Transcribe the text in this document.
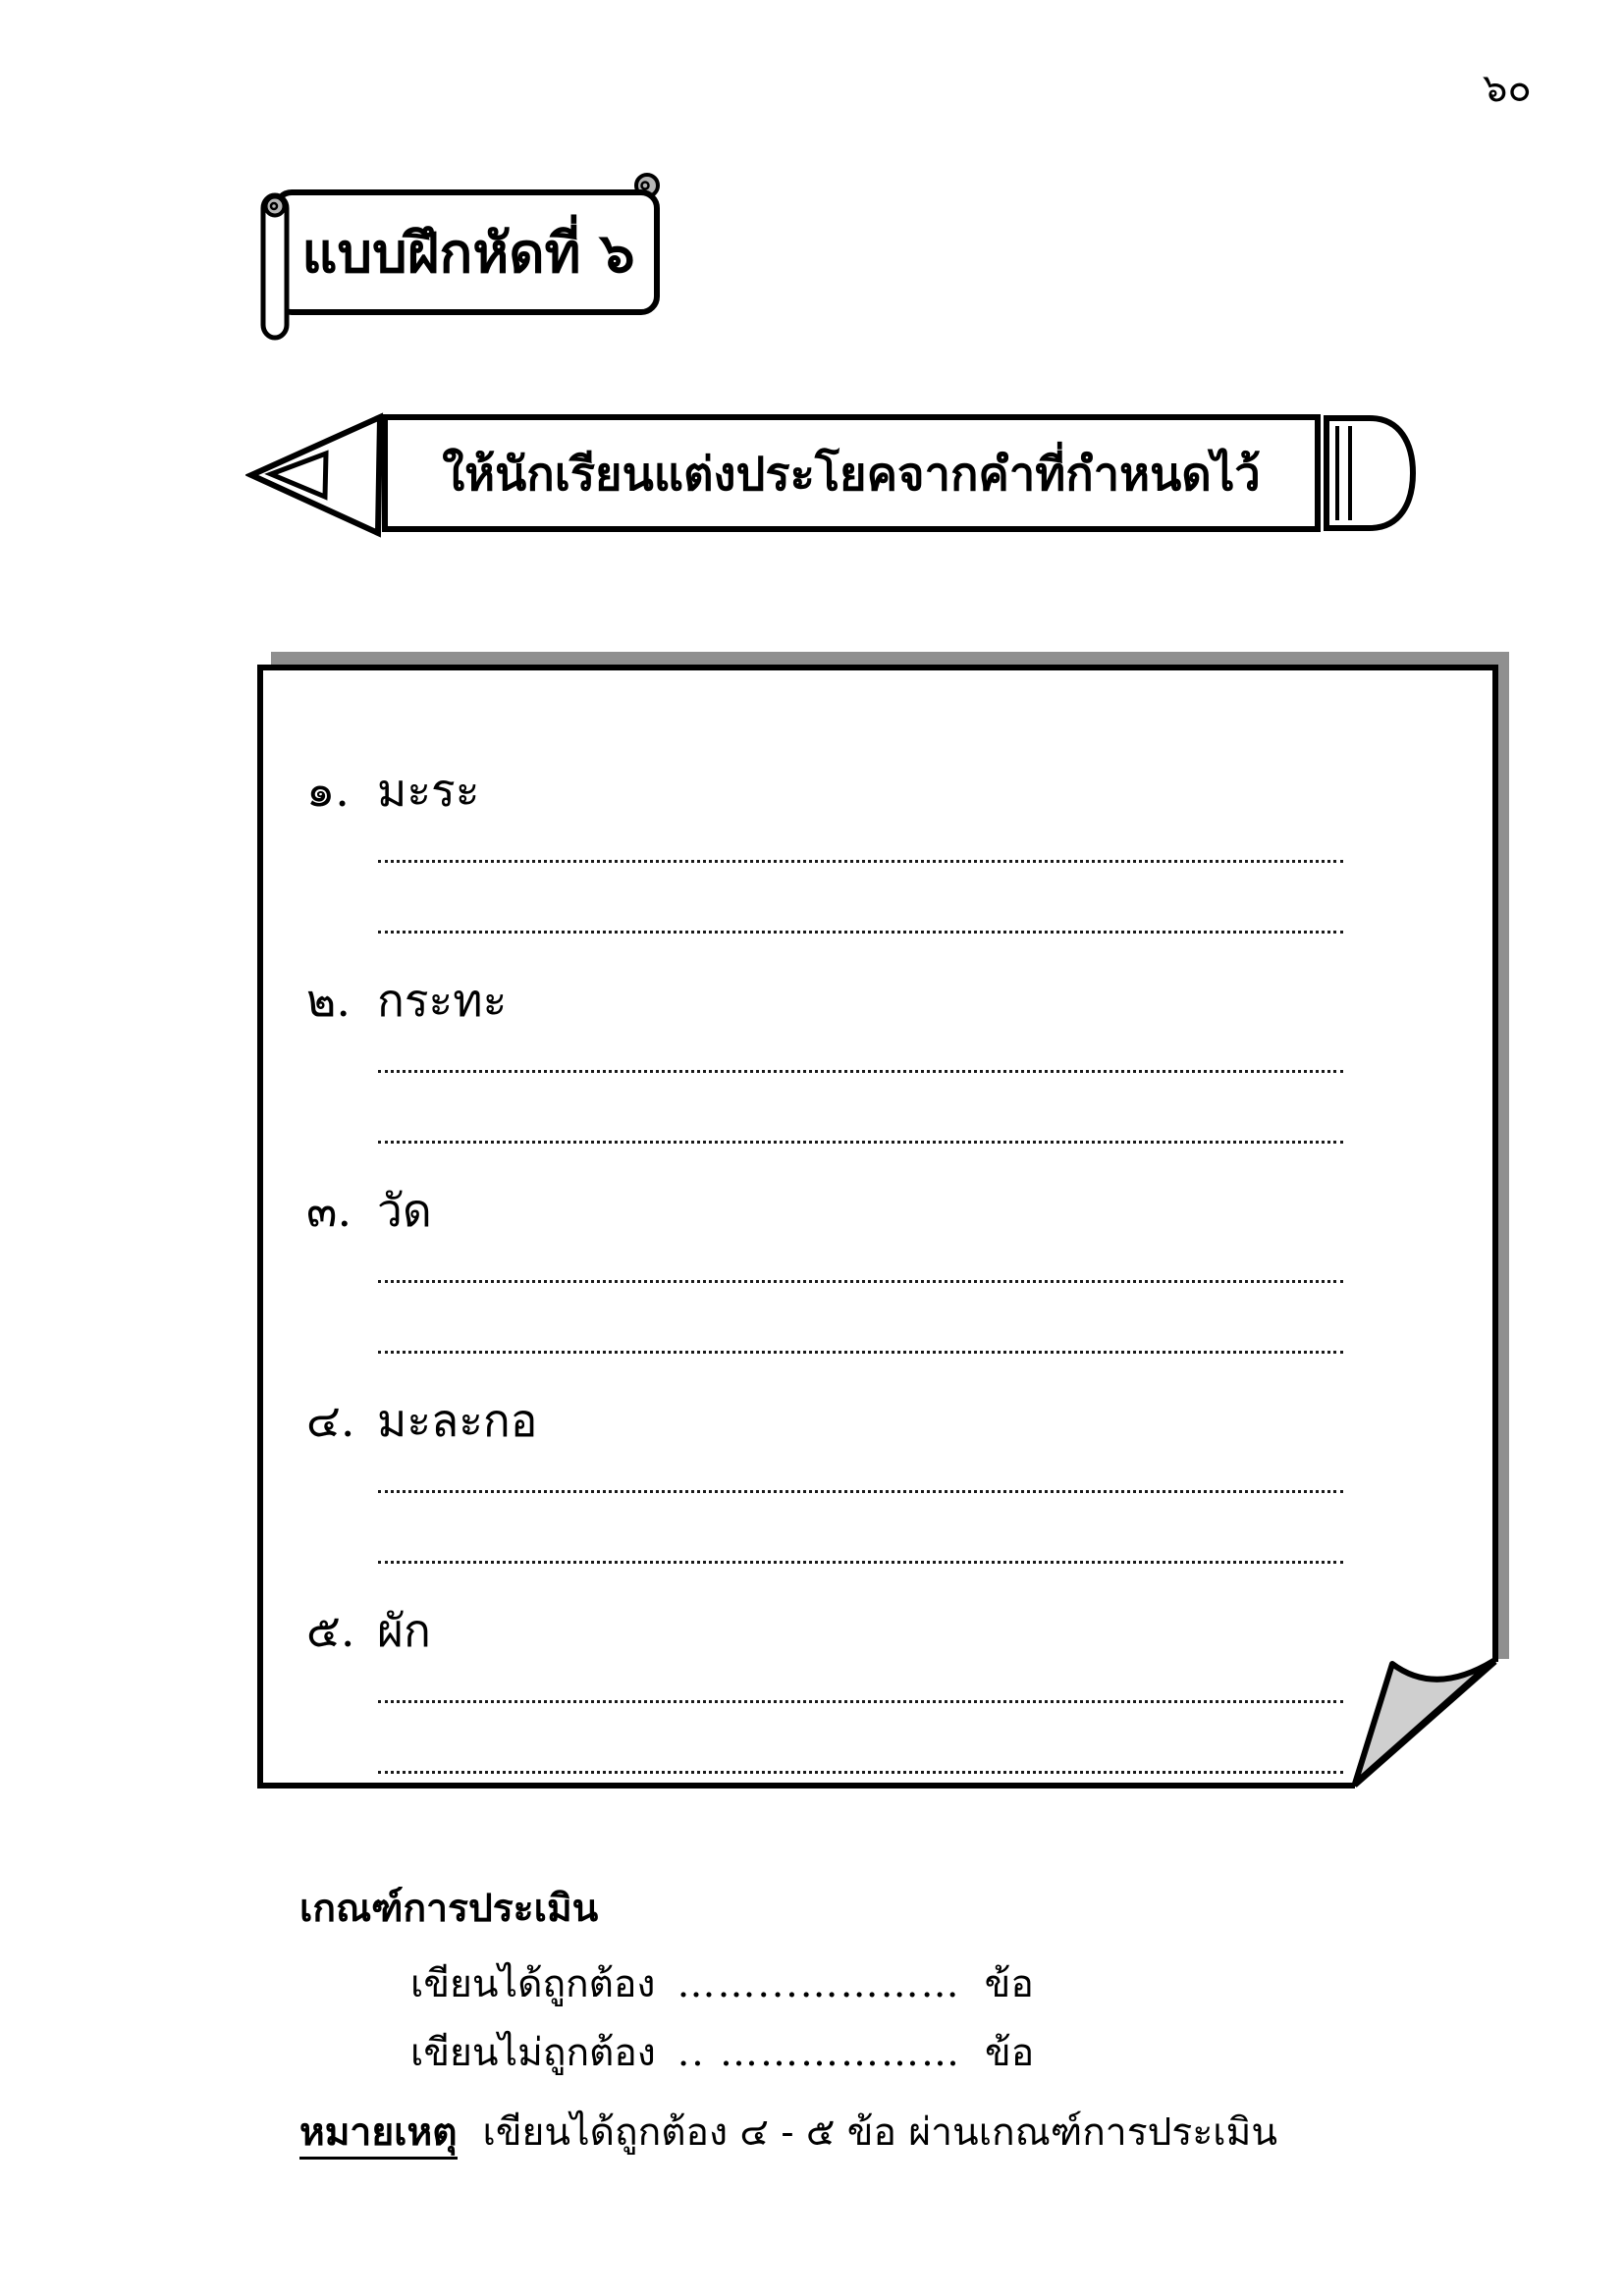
๖๐
แบบฝึกหัดที่ ๖
ให้นักเรียนแต่งประโยคจากคำที่กำหนดไว้
๑. มะระ
๒. กระทะ
๓. วัด
๔. มะละกอ
๕. ผัก
เกณฑ์การประเมิน
เขียนได้ถูกต้อง ……...………… ข้อ
เขียนไม่ถูกต้อง .. ……………… ข้อ
หมายเหตุ เขียนได้ถูกต้อง ๔ - ๕ ข้อ ผ่านเกณฑ์การประเมิน
